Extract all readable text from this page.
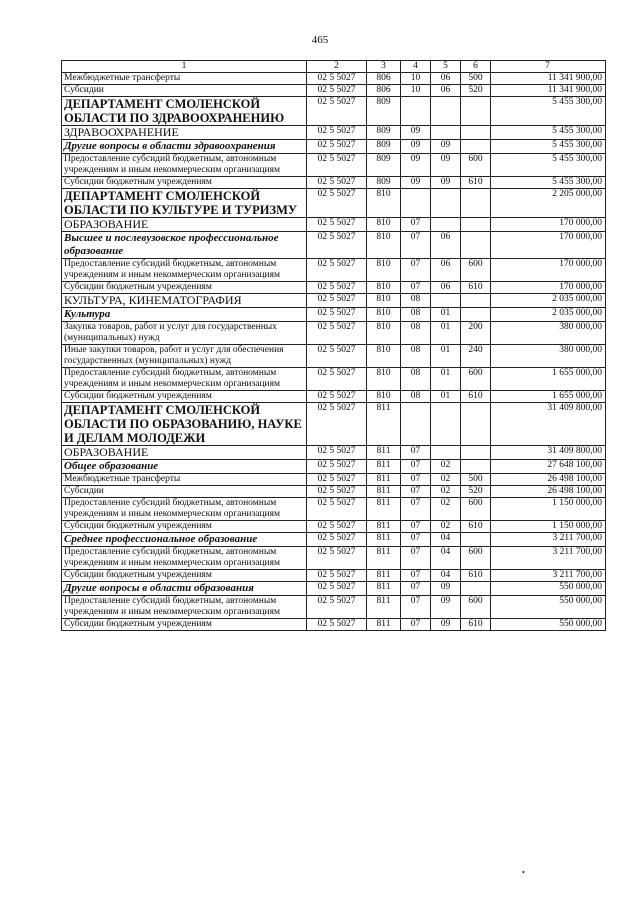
465
1	2	3	4	5	6	7
Межбюджетные трансферты	02 5 5027	806	10	06	500	11 341 900,00
Субсидии	02 5 5027	806	10	06	520	11 341 900,00
ДЕПАРТАМЕНТ СМОЛЕНСКОЙ ОБЛАСТИ ПО ЗДРАВООХРАНЕНИЮ	02 5 5027	809				5 455 300,00
ЗДРАВООХРАНЕНИЕ	02 5 5027	809	09			5 455 300,00
Другие вопросы в области здравоохранения	02 5 5027	809	09	09		5 455 300,00
Предоставление субсидий бюджетным, автономным учреждениям и иным некоммерческим организациям	02 5 5027	809	09	09	600	5 455 300,00
Субсидии бюджетным учреждениям	02 5 5027	809	09	09	610	5 455 300,00
ДЕПАРТАМЕНТ СМОЛЕНСКОЙ ОБЛАСТИ ПО КУЛЬТУРЕ И ТУРИЗМУ	02 5 5027	810				2 205 000,00
ОБРАЗОВАНИЕ	02 5 5027	810	07			170 000,00
Высшее и послевузовское профессиональное образование	02 5 5027	810	07	06		170 000,00
Предоставление субсидий бюджетным, автономным учреждениям и иным некоммерческим организациям	02 5 5027	810	07	06	600	170 000,00
Субсидии бюджетным учреждениям	02 5 5027	810	07	06	610	170 000,00
КУЛЬТУРА, КИНЕМАТОГРАФИЯ	02 5 5027	810	08			2 035 000,00
Культура	02 5 5027	810	08	01		2 035 000,00
Закупка товаров, работ и услуг для государственных (муниципальных) нужд	02 5 5027	810	08	01	200	380 000,00
Иные закупки товаров, работ и услуг для обеспечения государственных (муниципальных) нужд	02 5 5027	810	08	01	240	380 000,00
Предоставление субсидий бюджетным, автономным учреждениям и иным некоммерческим организациям	02 5 5027	810	08	01	600	1 655 000,00
Субсидии бюджетным учреждениям	02 5 5027	810	08	01	610	1 655 000,00
ДЕПАРТАМЕНТ СМОЛЕНСКОЙ ОБЛАСТИ ПО ОБРАЗОВАНИЮ, НАУКЕ И ДЕЛАМ МОЛОДЕЖИ	02 5 5027	811				31 409 800,00
ОБРАЗОВАНИЕ	02 5 5027	811	07			31 409 800,00
Общее образование	02 5 5027	811	07	02		27 648 100,00
Межбюджетные трансферты	02 5 5027	811	07	02	500	26 498 100,00
Субсидии	02 5 5027	811	07	02	520	26 498 100,00
Предоставление субсидий бюджетным, автономным учреждениям и иным некоммерческим организациям	02 5 5027	811	07	02	600	1 150 000,00
Субсидии бюджетным учреждениям	02 5 5027	811	07	02	610	1 150 000,00
Среднее профессиональное образование	02 5 5027	811	07	04		3 211 700,00
Предоставление субсидий бюджетным, автономным учреждениям и иным некоммерческим организациям	02 5 5027	811	07	04	600	3 211 700,00
Субсидии бюджетным учреждениям	02 5 5027	811	07	04	610	3 211 700,00
Другие вопросы в области образования	02 5 5027	811	07	09		550 000,00
Предоставление субсидий бюджетным, автономным учреждениям и иным некоммерческим организациям	02 5 5027	811	07	09	600	550 000,00
Субсидии бюджетным учреждениям	02 5 5027	811	07	09	610	550 000,00
•
